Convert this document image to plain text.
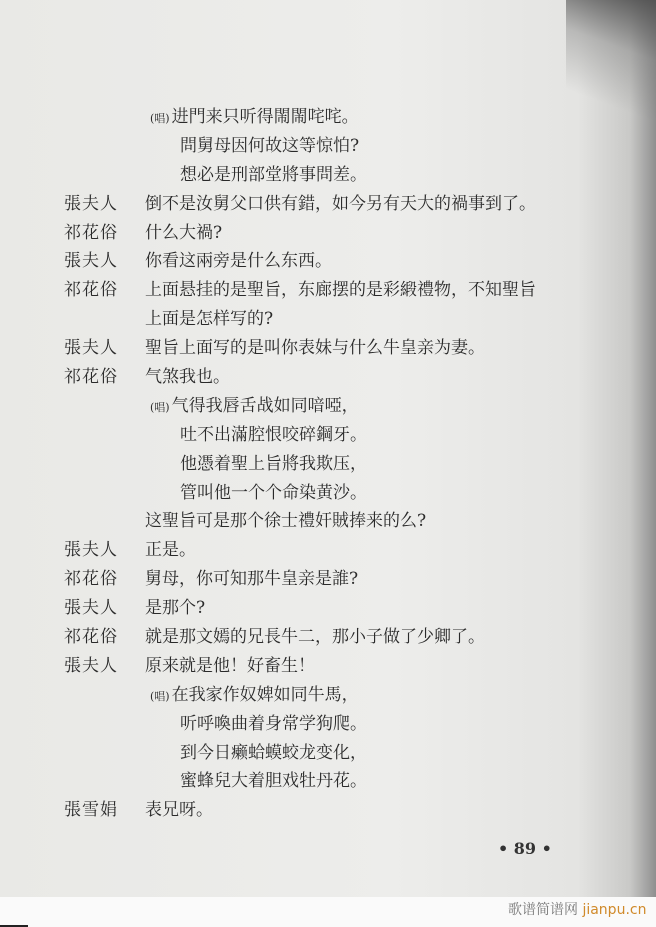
(唱) 进門来只听得閙閙咤咤。
問舅母因何故这等惊怕?
想必是刑部堂將事問差。
張夫人 倒不是汝舅父口供有錯，如今另有天大的禍事到了。
祁花俗 什么大禍?
張夫人 你看这兩旁是什么东西。
祁花俗 上面悬挂的是聖旨，东廊摆的是彩緞禮物，不知聖旨
上面是怎样写的?
張夫人 聖旨上面写的是叫你表妹与什么牛皇亲为妻。
祁花俗 气煞我也。
(唱) 气得我唇舌战如同喑啞，
吐不出滿腔恨咬碎鋼牙。
他憑着聖上旨將我欺压，
管叫他一个个命染黄沙。
这聖旨可是那个徐士禮奸賊捧来的么?
張夫人 正是。
祁花俗 舅母，你可知那牛皇亲是誰?
張夫人 是那个?
祁花俗 就是那文嫣的兄長牛二，那小子做了少卿了。
張夫人 原来就是他！好畜生！
(唱) 在我家作奴婢如同牛馬，
听呼喚曲着身常学狗爬。
到今日癞蛤蟆蛟龙变化，
蜜蜂兒大着胆戏牡丹花。
張雪娟 表兄呀。
• 89 •
歌谱简谱网 jianpu.cn
